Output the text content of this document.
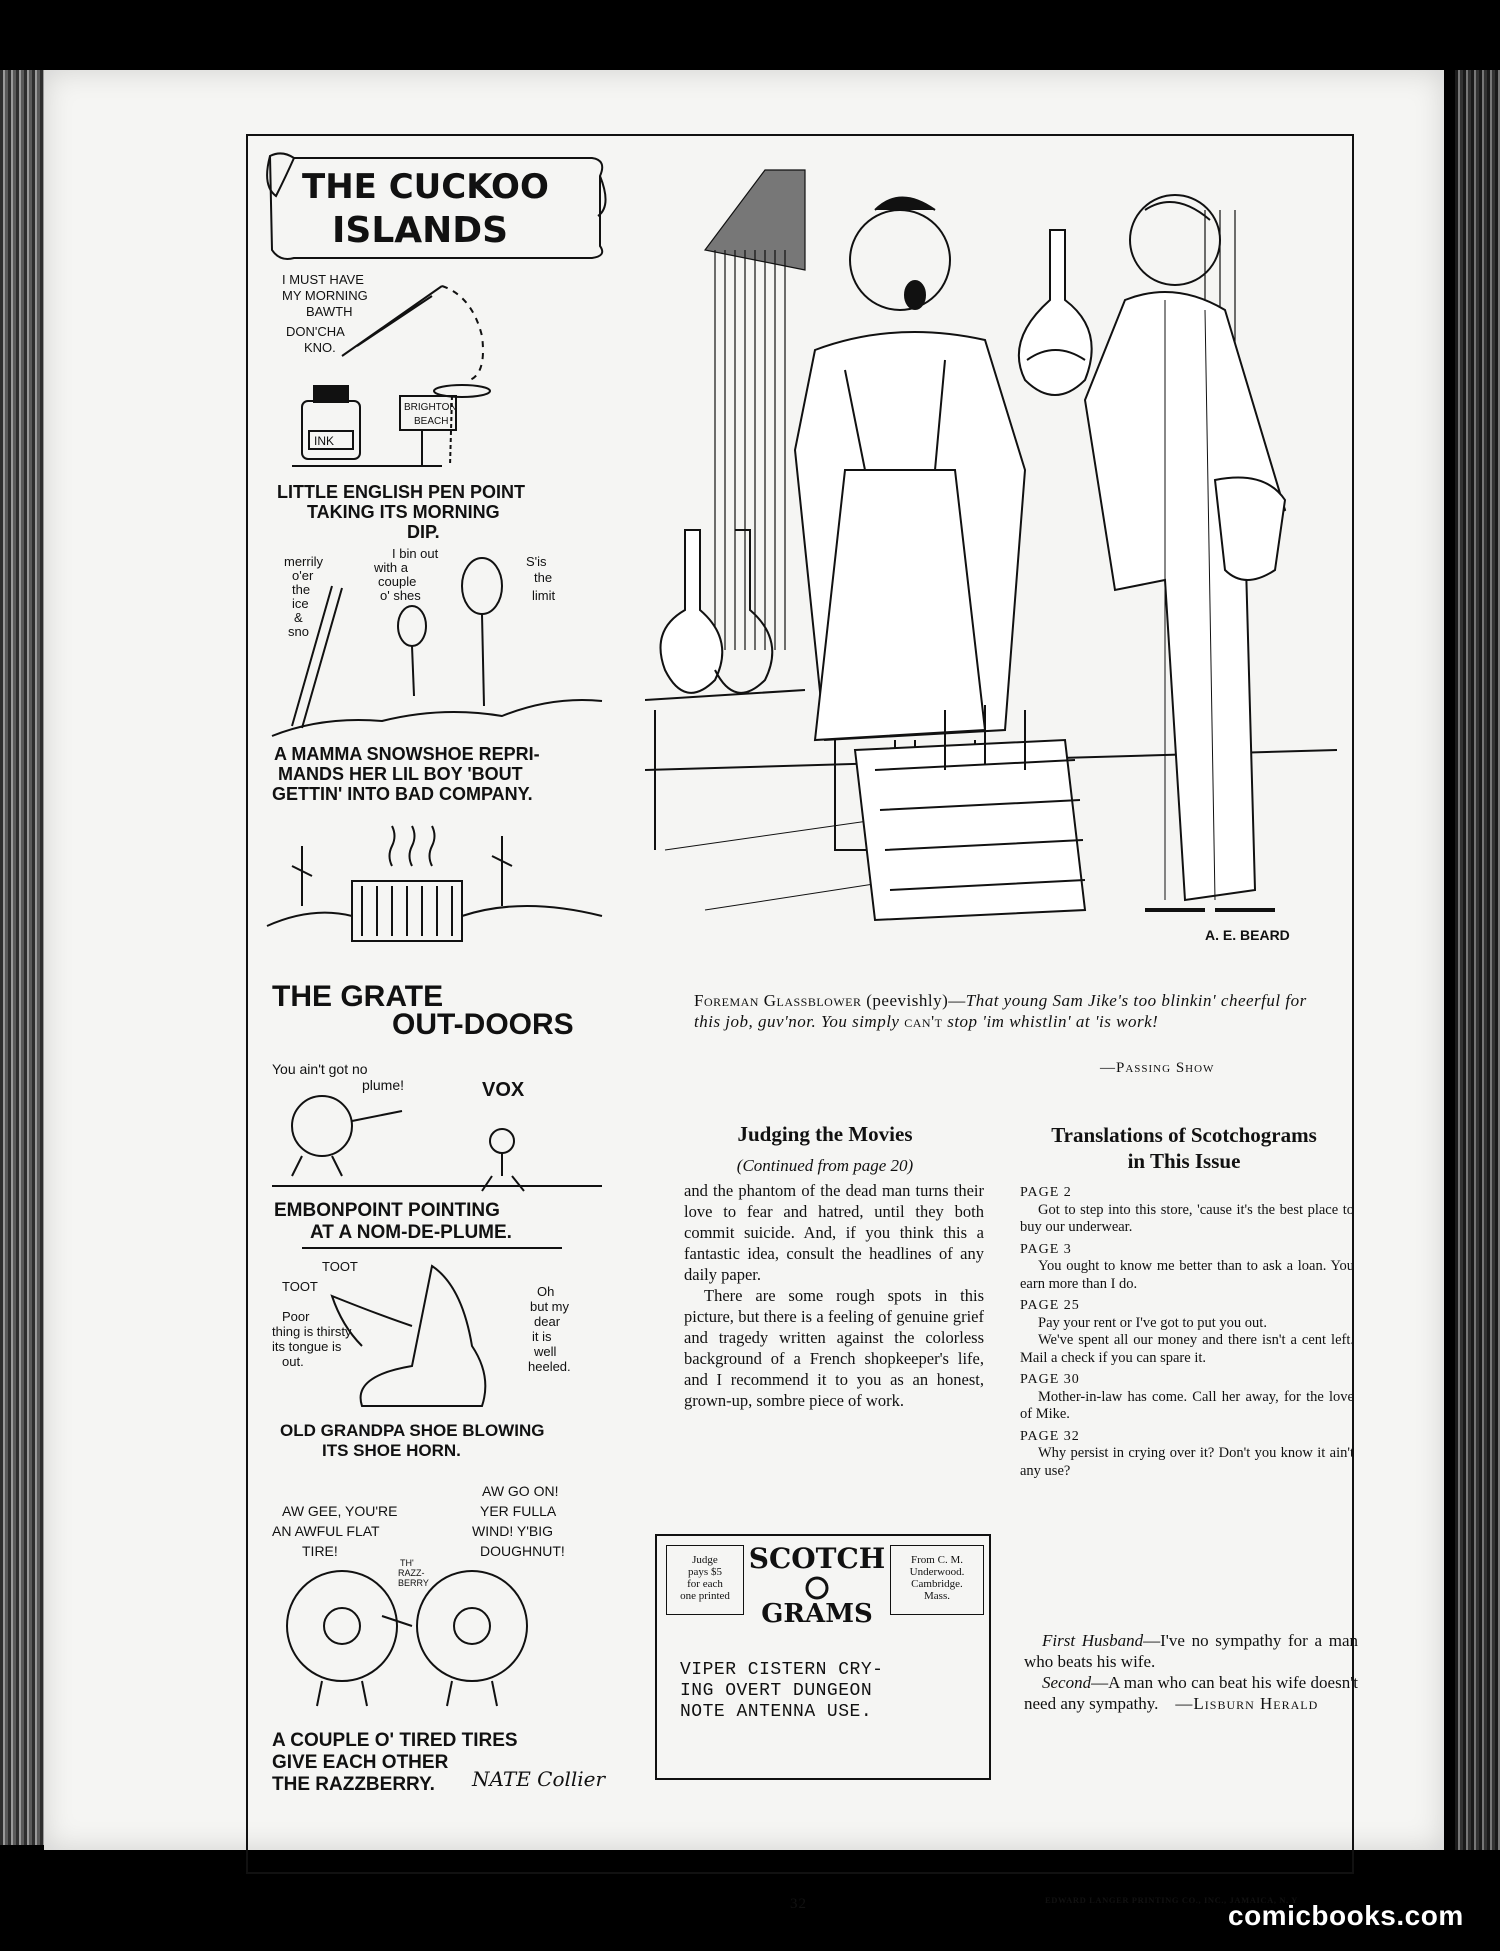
THE CUCKOO
ISLANDS
I MUST HAVE
MY MORNING
BAWTH
DON'CHA
KNO.
INK
BRIGHTON
BEACH
LITTLE ENGLISH PEN POINT
TAKING ITS MORNING
DIP.
merrily
o'er
the
ice
&
sno
I bin out
with a
couple
o' shes
S'is
the
limit
A MAMMA SNOWSHOE REPRI-
MANDS HER LIL BOY 'BOUT
GETTIN' INTO BAD COMPANY.
THE GRATE
OUT-DOORS
You ain't got no
plume!	VOX
EMBONPOINT POINTING
AT A NOM-DE-PLUME.
TOOT
TOOT
Poor
thing is thirsty
its tongue is
out.
Oh
but my
dear
it is
well
heeled.
OLD GRANDPA SHOE BLOWING
ITS SHOE HORN.
AW GEE, YOU'RE
AN AWFUL FLAT
TIRE!
AW GO ON!
YER FULLA
WIND! Y'BIG
DOUGHNUT!
TH'
RAZZ-
BERRY
A COUPLE O' TIRED TIRES
GIVE EACH OTHER
THE RAZZBERRY. NATE Collier
A. E. BEARD
Foreman Glassblower (peevishly)—That young Sam Jike's too blinkin' cheerful for this job, guv'nor. You simply can't stop 'im whistlin' at 'is work!
—Passing Show
Judging the Movies
(Continued from page 20)

and the phantom of the dead man turns their love to fear and hatred, until they both commit suicide. And, if you think this a fantastic idea, consult the headlines of any daily paper.

There are some rough spots in this picture, but there is a feeling of genuine grief and tragedy written against the colorless background of a French shopkeeper's life, and I recommend it to you as an honest, grown-up, sombre piece of work.

Judge
pays $5
for each
one printed
SCOTCH
GRAMS
From C. M.
Underwood.
Cambridge.
Mass.
VIPER CISTERN CRY-
ING OVERT DUNGEON
NOTE ANTENNA USE.
Translations of Scotchograms
in This Issue
PAGE 2

Got to step into this store, 'cause it's the best place to buy our underwear.

PAGE 3

You ought to know me better than to ask a loan. You earn more than I do.

PAGE 25

Pay your rent or I've got to put you out.

We've spent all our money and there isn't a cent left. Mail a check if you can spare it.

PAGE 30

Mother-in-law has come. Call her away, for the love of Mike.

PAGE 32

Why persist in crying over it? Don't you know it ain't any use?

First Husband—I've no sympathy for a man who beats his wife.

Second—A man who can beat his wife doesn't need any sympathy. —Lisburn Herald

32	EDWARD LANGER PRINTING CO., INC., JAMAICA, N. Y
comicbooks.com
